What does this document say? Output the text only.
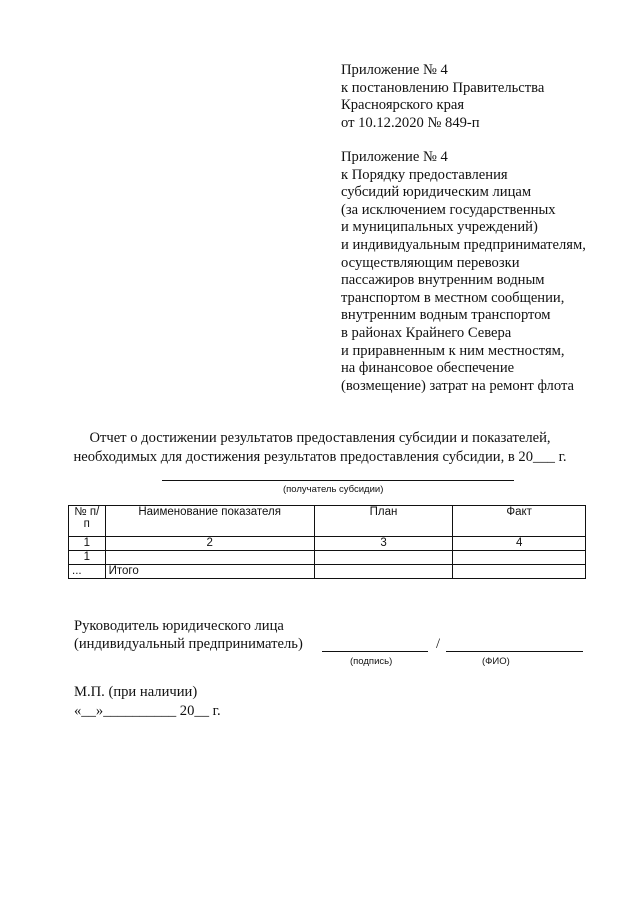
Приложение № 4
к постановлению Правительства
Красноярского края
от 10.12.2020 № 849-п
Приложение № 4
к Порядку предоставления
субсидий юридическим лицам
(за исключением государственных
и муниципальных учреждений)
и индивидуальным предпринимателям,
осуществляющим перевозки
пассажиров внутренним водным
транспортом в местном сообщении,
внутренним водным транспортом
в районах Крайнего Севера
и приравненным к ним местностям,
на финансовое обеспечение
(возмещение) затрат на ремонт флота
Отчет о достижении результатов предоставления субсидии и показателей,
необходимых для достижения результатов предоставления субсидии, в 20___ г.
(получатель субсидии)
№ п/п	Наименование показателя	План	Факт
1	2	3	4
1			
...	Итого		
Руководитель юридического лица
(индивидуальный предприниматель)	/
(подпись)	(ФИО)
М.П. (при наличии)
«__»__________ 20__ г.
